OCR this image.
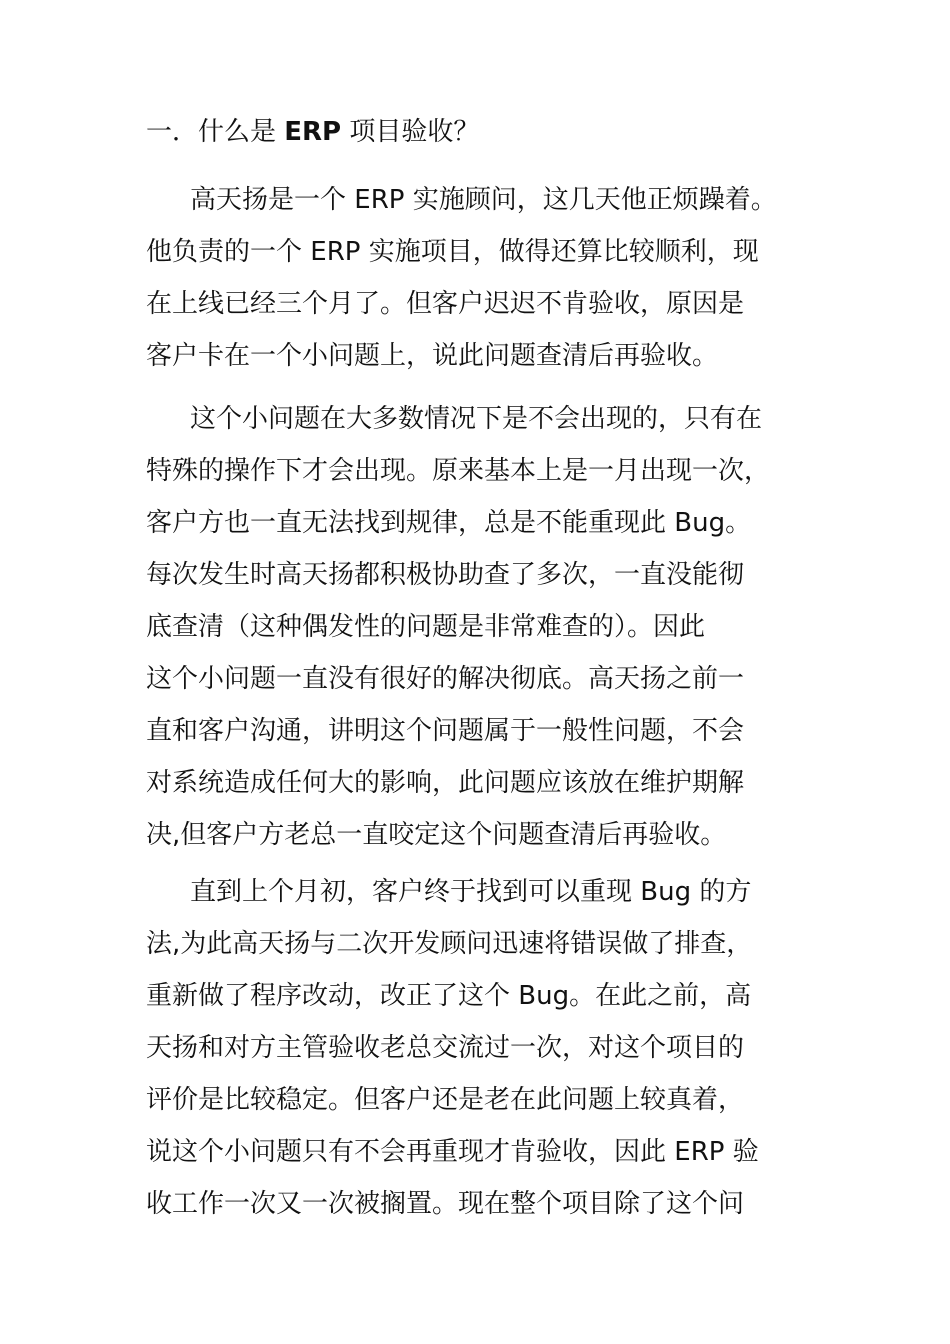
一．什么是 ERP 项目验收？
高天扬是一个 ERP 实施顾问，这几天他正烦躁着。
他负责的一个 ERP 实施项目，做得还算比较顺利，现
在上线已经三个月了。但客户迟迟不肯验收，原因是
客户卡在一个小问题上，说此问题查清后再验收。
这个小问题在大多数情况下是不会出现的，只有在
特殊的操作下才会出现。原来基本上是一月出现一次，
客户方也一直无法找到规律，总是不能重现此 Bug。
每次发生时高天扬都积极协助查了多次，一直没能彻
底查清（这种偶发性的问题是非常难查的）。因此
这个小问题一直没有很好的解决彻底。高天扬之前一
直和客户沟通，讲明这个问题属于一般性问题，不会
对系统造成任何大的影响，此问题应该放在维护期解
决,但客户方老总一直咬定这个问题查清后再验收。
直到上个月初，客户终于找到可以重现 Bug 的方
法,为此高天扬与二次开发顾问迅速将错误做了排查，
重新做了程序改动，改正了这个 Bug。在此之前，高
天扬和对方主管验收老总交流过一次，对这个项目的
评价是比较稳定。但客户还是老在此问题上较真着，
说这个小问题只有不会再重现才肯验收，因此 ERP 验
收工作一次又一次被搁置。现在整个项目除了这个问
